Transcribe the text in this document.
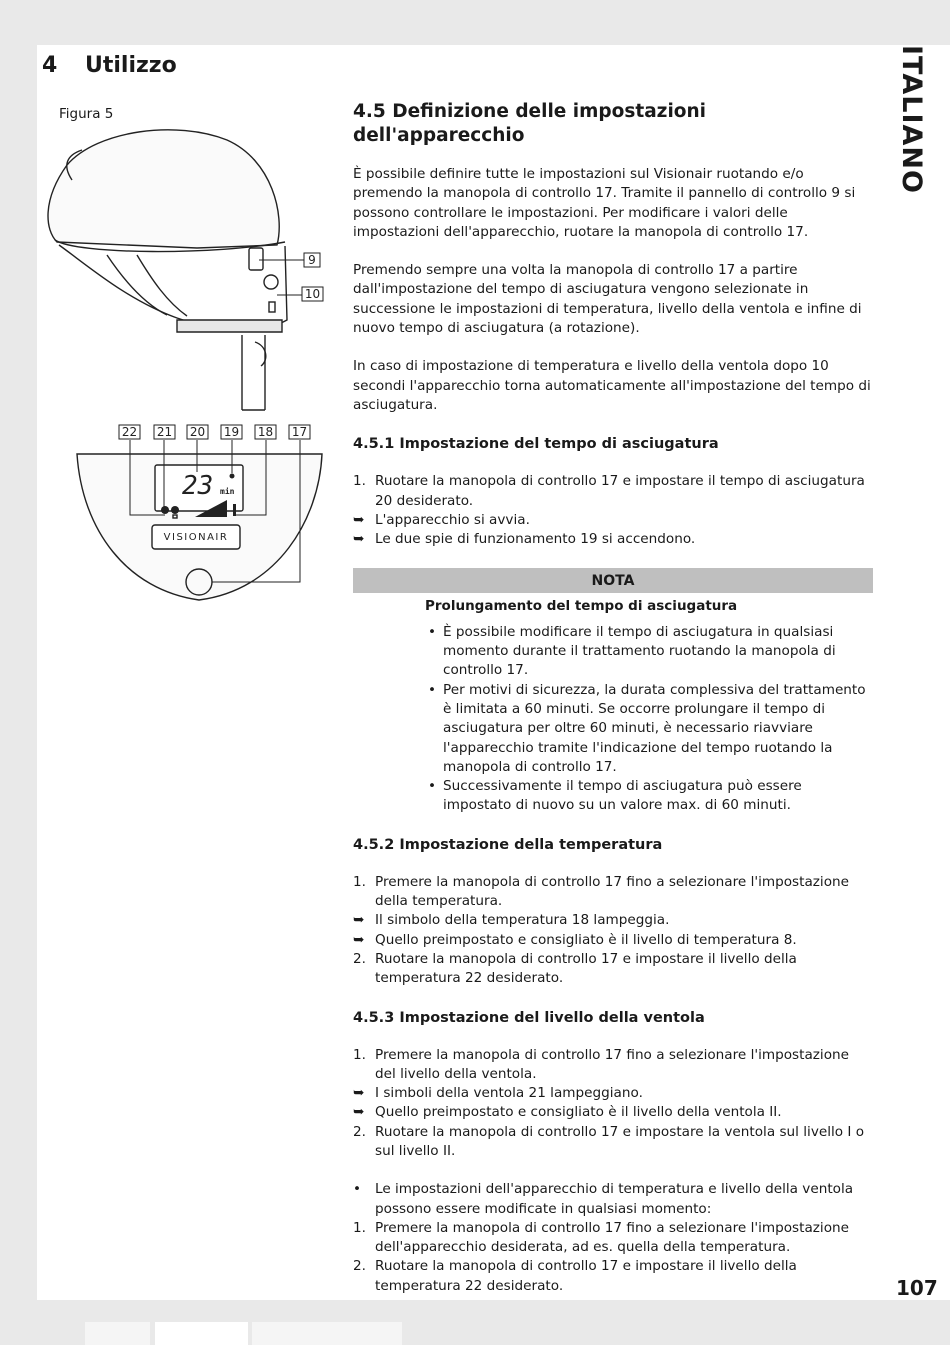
ITALIANO
4 Utilizzo
Figura 5
9
10
23 min
VISIONAIR
22 21 20 19 18 17
4.5 Definizione delle impostazioni dell'apparecchio

È possibile definire tutte le impostazioni sul Visionair ruotando e/o premendo la manopola di controllo 17. Tramite il pannello di controllo 9 si possono controllare le impostazioni. Per modificare i valori delle impostazioni dell'apparecchio, ruotare la manopola di controllo 17.

Premendo sempre una volta la manopola di controllo 17 a partire dall'impostazione del tempo di asciugatura vengono selezionate in successione le impostazioni di temperatura, livello della ventola e infine di nuovo tempo di asciugatura (a rotazione).

In caso di impostazione di temperatura e livello della ventola dopo 10 secondi l'apparecchio torna automaticamente all'impostazione del tempo di asciugatura.

4.5.1 Impostazione del tempo di asciugatura
1. Ruotare la manopola di controllo 17 e impostare il tempo di asciugatura 20 desiderato.
➥ L'apparecchio si avvia.
➥ Le due spie di funzionamento 19 si accendono.
NOTA
Prolungamento del tempo di asciugatura
• È possibile modificare il tempo di asciugatura in qualsiasi momento durante il trattamento ruotando la manopola di controllo 17.
• Per motivi di sicurezza, la durata complessiva del trattamento è limitata a 60 minuti. Se occorre prolungare il tempo di asciugatura per oltre 60 minuti, è necessario riavviare l'apparecchio tramite l'indicazione del tempo ruotando la manopola di controllo 17.
• Successivamente il tempo di asciugatura può essere impostato di nuovo su un valore max. di 60 minuti.
4.5.2 Impostazione della temperatura
1. Premere la manopola di controllo 17 fino a selezionare l'impostazione della temperatura.
➥ Il simbolo della temperatura 18 lampeggia.
➥ Quello preimpostato e consigliato è il livello di temperatura 8.
2. Ruotare la manopola di controllo 17 e impostare il livello della temperatura 22 desiderato.
4.5.3 Impostazione del livello della ventola
1. Premere la manopola di controllo 17 fino a selezionare l'impostazione del livello della ventola.
➥ I simboli della ventola 21 lampeggiano.
➥ Quello preimpostato e consigliato è il livello della ventola II.
2. Ruotare la manopola di controllo 17 e impostare la ventola sul livello I o sul livello II.
•	Le impostazioni dell'apparecchio di temperatura e livello della ventola possono essere modificate in qualsiasi momento:
1. Premere la manopola di controllo 17 fino a selezionare l'impostazione dell'apparecchio desiderata, ad es. quella della temperatura.
2. Ruotare la manopola di controllo 17 e impostare il livello della temperatura 22 desiderato.	107
